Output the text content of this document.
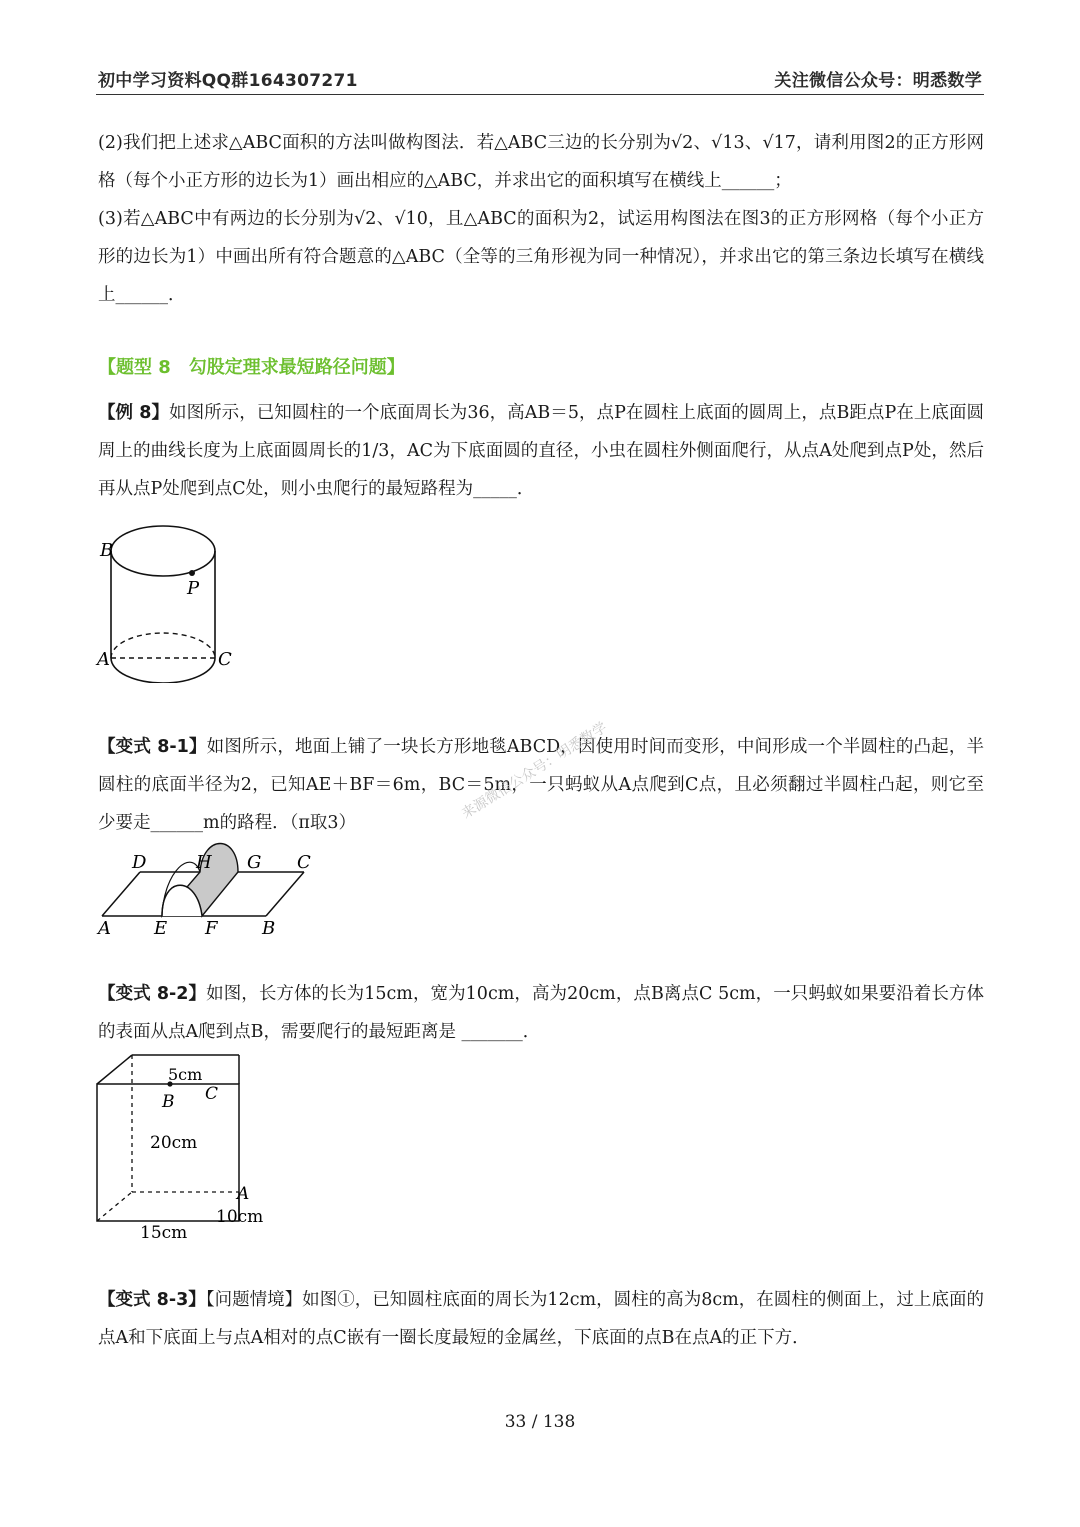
初中学习资料QQ群164307271	关注微信公众号：明悉数学

(2)我们把上述求△ABC面积的方法叫做构图法．若△ABC三边的长分别为√2、√13、√17，请利用图2的正方形网格（每个小正方形的边长为1）画出相应的△ABC，并求出它的面积填写在横线上______；

(3)若△ABC中有两边的长分别为√2、√10，且△ABC的面积为2，试运用构图法在图3的正方形网格（每个小正方形的边长为1）中画出所有符合题意的△ABC（全等的三角形视为同一种情况），并求出它的第三条边长填写在横线上______．

【题型 8　勾股定理求最短路径问题】

【例 8】如图所示，已知圆柱的一个底面周长为36，高AB＝5，点P在圆柱上底面的圆周上，点B距点P在上底面圆周上的曲线长度为上底面圆周长的1/3，AC为下底面圆的直径，小虫在圆柱外侧面爬行，从点A处爬到点P处，然后再从点P处爬到点C处，则小虫爬行的最短路程为_____．

B
P
A	C

【变式 8-1】如图所示，地面上铺了一块长方形地毯ABCD，因使用时间而变形，中间形成一个半圆柱的凸起，半圆柱的底面半径为2，已知AE＋BF＝6m，BC＝5m，一只蚂蚁从A点爬到C点，且必须翻过半圆柱凸起，则它至少要走______m的路程．（π取3）

来源微信公众号：明悉数学
D	H G C
A E F B

【变式 8-2】如图，长方体的长为15cm，宽为10cm，高为20cm，点B离点C 5cm，一只蚂蚁如果要沿着长方体的表面从点A爬到点B，需要爬行的最短距离是 _______．

5cm
B C
20cm
A
10cm
15cm

【变式 8-3】【问题情境】如图①，已知圆柱底面的周长为12cm，圆柱的高为8cm，在圆柱的侧面上，过上底面的点A和下底面上与点A相对的点C嵌有一圈长度最短的金属丝，下底面的点B在点A的正下方．

33 / 138
